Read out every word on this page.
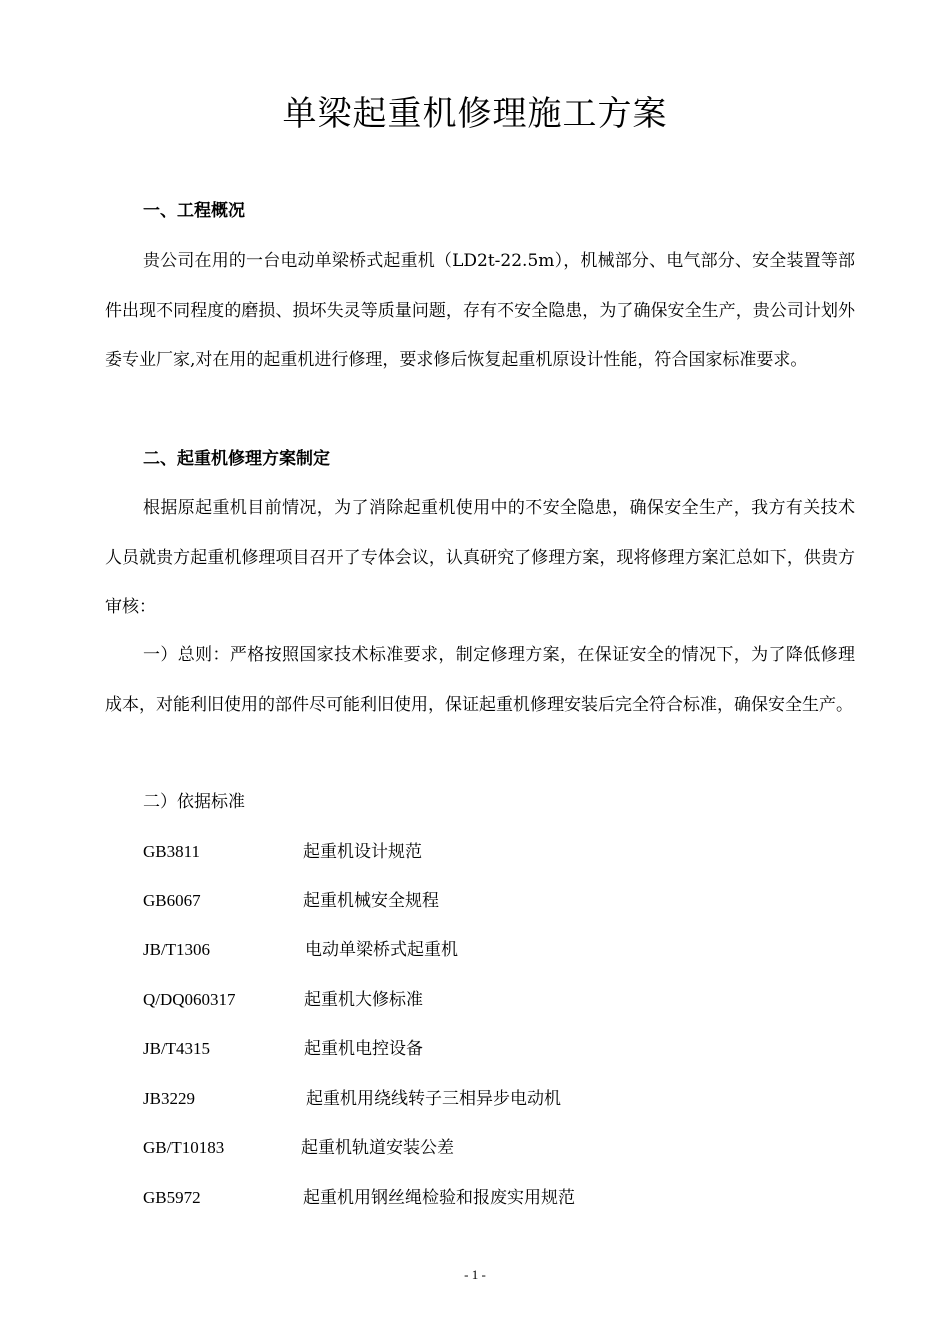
单梁起重机修理施工方案
一、工程概况

贵公司在用的一台电动单梁桥式起重机（LD2t-22.5m），机械部分、电气部分、安全装置等部件出现不同程度的磨损、损坏失灵等质量问题，存有不安全隐患，为了确保安全生产，贵公司计划外委专业厂家,对在用的起重机进行修理，要求修后恢复起重机原设计性能，符合国家标准要求。

二、起重机修理方案制定

根据原起重机目前情况，为了消除起重机使用中的不安全隐患，确保安全生产，我方有关技术人员就贵方起重机修理项目召开了专体会议，认真研究了修理方案，现将修理方案汇总如下，供贵方审核：

一）总则：严格按照国家技术标准要求，制定修理方案，在保证安全的情况下，为了降低修理成本，对能利旧使用的部件尽可能利旧使用，保证起重机修理安装后完全符合标准，确保安全生产。

二）依据标准

GB3811	起重机设计规范
GB6067	起重机械安全规程
JB/T1306	电动单梁桥式起重机
Q/DQ060317	起重机大修标准
JB/T4315	起重机电控设备
JB3229	起重机用绕线转子三相异步电动机
GB/T10183	起重机轨道安装公差
GB5972	起重机用钢丝绳检验和报废实用规范
- 1 -
